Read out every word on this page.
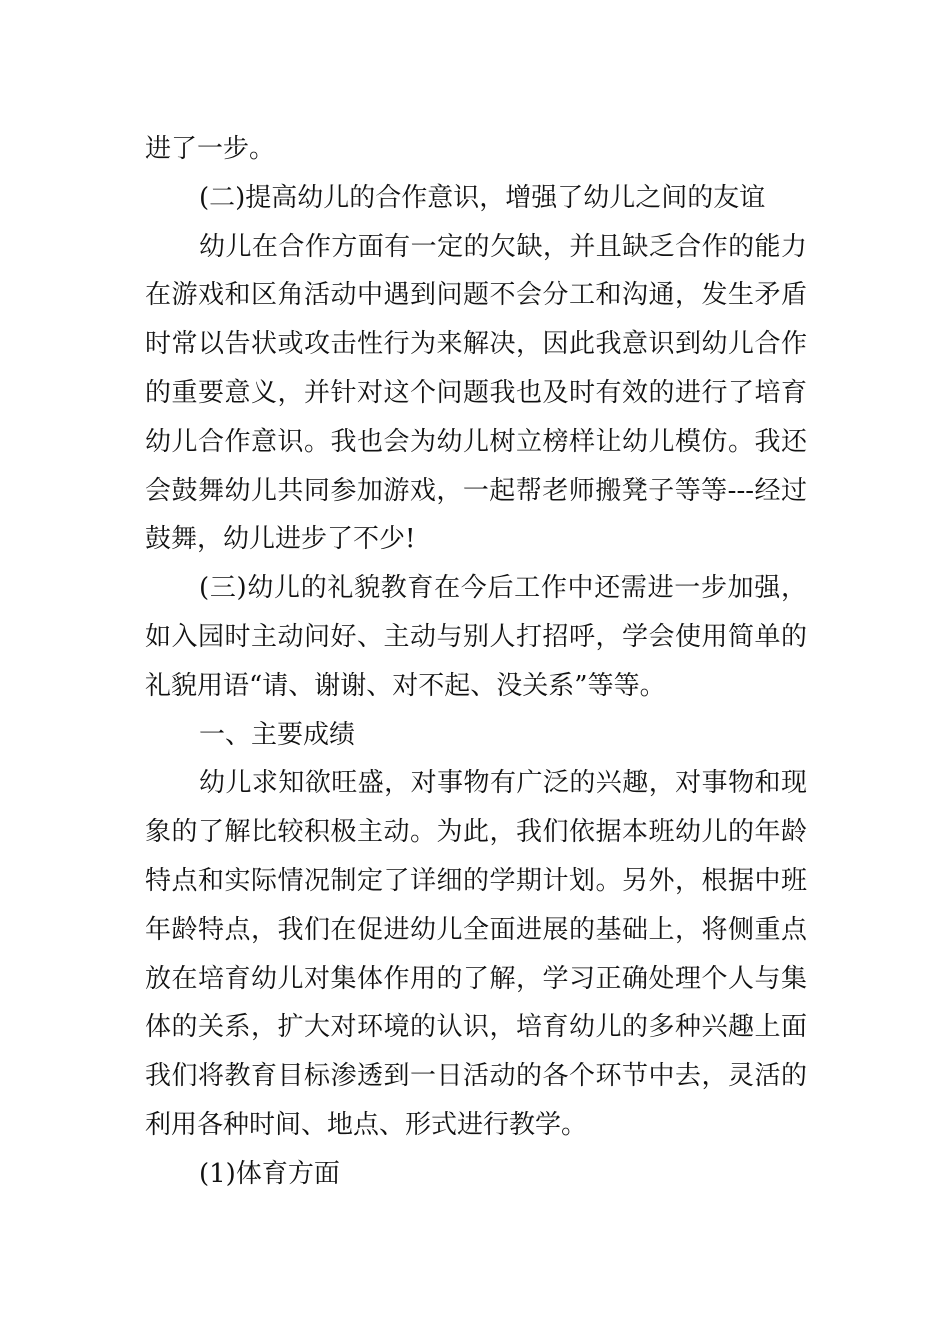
进了一步。
(二)提高幼儿的合作意识，增强了幼儿之间的友谊
幼儿在合作方面有一定的欠缺，并且缺乏合作的能力
在游戏和区角活动中遇到问题不会分工和沟通，发生矛盾
时常以告状或攻击性行为来解决，因此我意识到幼儿合作
的重要意义，并针对这个问题我也及时有效的进行了培育
幼儿合作意识。我也会为幼儿树立榜样让幼儿模仿。我还
会鼓舞幼儿共同参加游戏，一起帮老师搬凳子等等---经过
鼓舞，幼儿进步了不少!
(三)幼儿的礼貌教育在今后工作中还需进一步加强，
如入园时主动问好、主动与别人打招呼，学会使用简单的
礼貌用语“请、谢谢、对不起、没关系”等等。
一、主要成绩
幼儿求知欲旺盛，对事物有广泛的兴趣，对事物和现
象的了解比较积极主动。为此，我们依据本班幼儿的年龄
特点和实际情况制定了详细的学期计划。另外，根据中班
年龄特点，我们在促进幼儿全面进展的基础上，将侧重点
放在培育幼儿对集体作用的了解，学习正确处理个人与集
体的关系，扩大对环境的认识，培育幼儿的多种兴趣上面
我们将教育目标渗透到一日活动的各个环节中去，灵活的
利用各种时间、地点、形式进行教学。
(1)体育方面
